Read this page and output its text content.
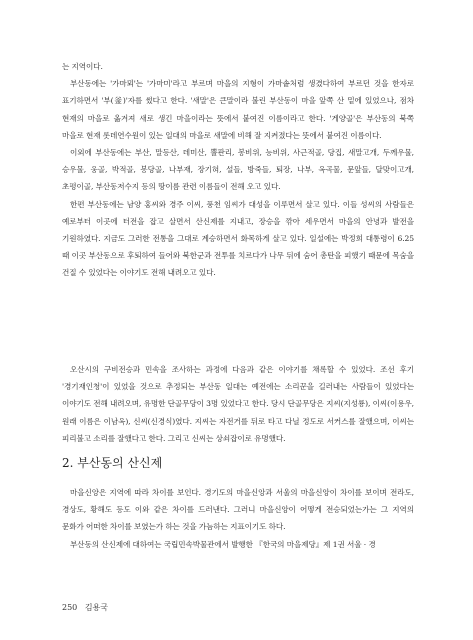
는 지역이다.

부산동에는 '가마뫼'는 '가마미'라고 부르며 마을의 지형이 가마솥처럼 생겼다하여 부르던 것을 한자로 표기하면서 '부(釜)'자를 썼다고 한다. '새말'은 큰말이라 불린 부산동이 마을 앞쪽 산 밑에 있었으나, 점차 현재의 마을로 옮겨져 새로 생긴 마을이라는 뜻에서 붙여진 이름이라고 한다. '게양골'은 부산동의 북쪽 마을로 현재 롯데연수원이 있는 일대의 마을로 새말에 비해 잘 지켜졌다는 뜻에서 붙여진 이름이다.

이외에 부산동에는 부산, 말등산, 데미산, 뿔판리, 봉비위, 능비위, 사근적골, 당집, 새말고개, 두께우물, 승우물, 웅골, 박적골, 봉당골, 나부재, 장기혀, 설들, 방죽들, 퇴장, 나부, 옥곡물, 문앞들, 달맞이고개, 초평이골, 부산동저수지 등의 땅이름 관련 이름들이 전해 오고 있다.

한편 부산동에는 남양 홍씨와 경주 이씨, 풍천 임씨가 대성을 이루면서 살고 있다. 이들 성씨의 사람들은 예로부터 이곳에 터전을 잡고 살면서 산신제를 지내고, 장승을 깎아 세우면서 마을의 안녕과 발전을 기원하였다. 지금도 그러한 전통을 그대로 계승하면서 화목하게 살고 있다. 일설에는 박정희 대통령이 6.25 때 이곳 부산동으로 후퇴하여 들어와 북한군과 전투를 치르다가 나무 뒤에 숨어 총탄을 피했기 때문에 목숨을 건질 수 있었다는 이야기도 전해 내려오고 있다.

오산시의 구비전승과 민속을 조사하는 과정에 다음과 같은 이야기를 채록할 수 있었다. 조선 후기 '경기재인청'이 있었을 것으로 추정되는 부산동 일대는 예전에는 소리꾼을 길러내는 사람들이 있었다는 이야기도 전해 내려오며, 유명한 단골무당이 3명 있었다고 한다. 당시 단골무당은 지씨(지성룡), 이씨(이용우, 원래 이름은 이남옥), 신씨(신경식)였다. 지씨는 자전거를 뒤로 타고 다닐 정도로 서커스를 잘했으며, 이씨는 피리불고 소리를 잘했다고 한다. 그리고 신씨는 상쇠잡이로 유명했다.

2. 부산동의 산신제

마을신앙은 지역에 따라 차이를 보인다. 경기도의 마을신앙과 서울의 마을신앙이 차이를 보이며 전라도, 경상도, 황해도 등도 이와 같은 차이를 드러낸다. 그러니 마을신앙이 어떻게 전승되었는가는 그 지역의 문화가 어떠한 차이를 보였는가 하는 것을 가늠하는 지표이기도 하다.

부산동의 산신제에 대하여는 국립민속박물관에서 발행한 『한국의 마을제당』제 1권 서울 · 경

250 김용국
